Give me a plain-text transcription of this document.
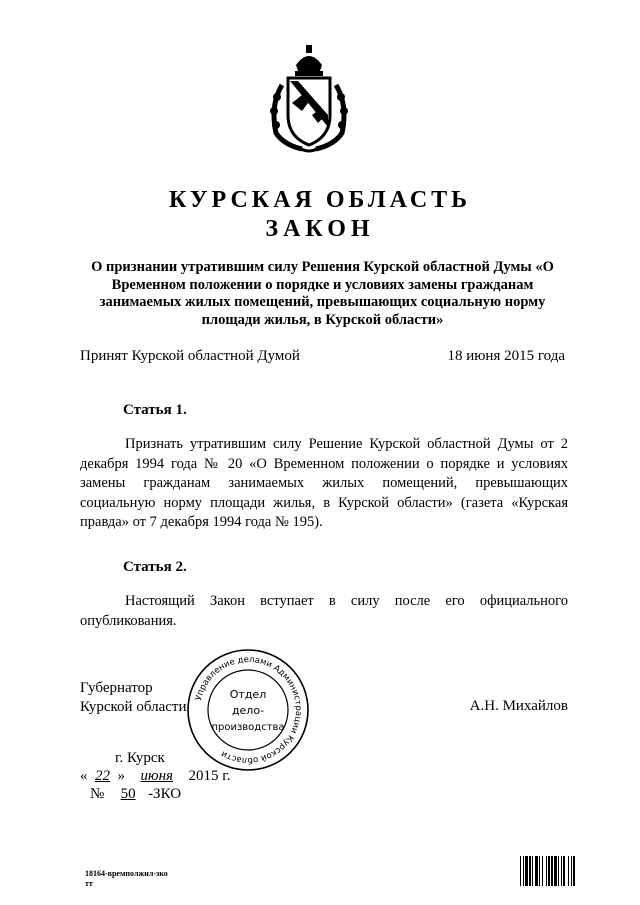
КУРСКАЯ ОБЛАСТЬ
ЗАКОН
О признании утратившим силу Решения Курской областной Думы «О Временном положении о порядке и условиях замены гражданам занимаемых жилых помещений, превышающих социальную норму площади жилья, в Курской области»
Принят Курской областной Думой	18 июня 2015 года
Статья 1.
Признать утратившим силу Решение Курской областной Думы от 2 декабря 1994 года № 20 «О Временном положении о порядке и условиях замены гражданам занимаемых жилых помещений, превышающих социальную норму площади жилья, в Курской области» (газета «Курская правда» от 7 декабря 1994 года № 195).
Статья 2.
Настоящий Закон вступает в силу после его официального опубликования.
Губернатор
Курской области	А.Н. Михайлов
Управление делами Администрации Курской области
Отдел
дело-
производства
г. Курск
« 22 » июня 2015 г.
№ 50 -ЗКО
18164-времполжил-зко
тт
